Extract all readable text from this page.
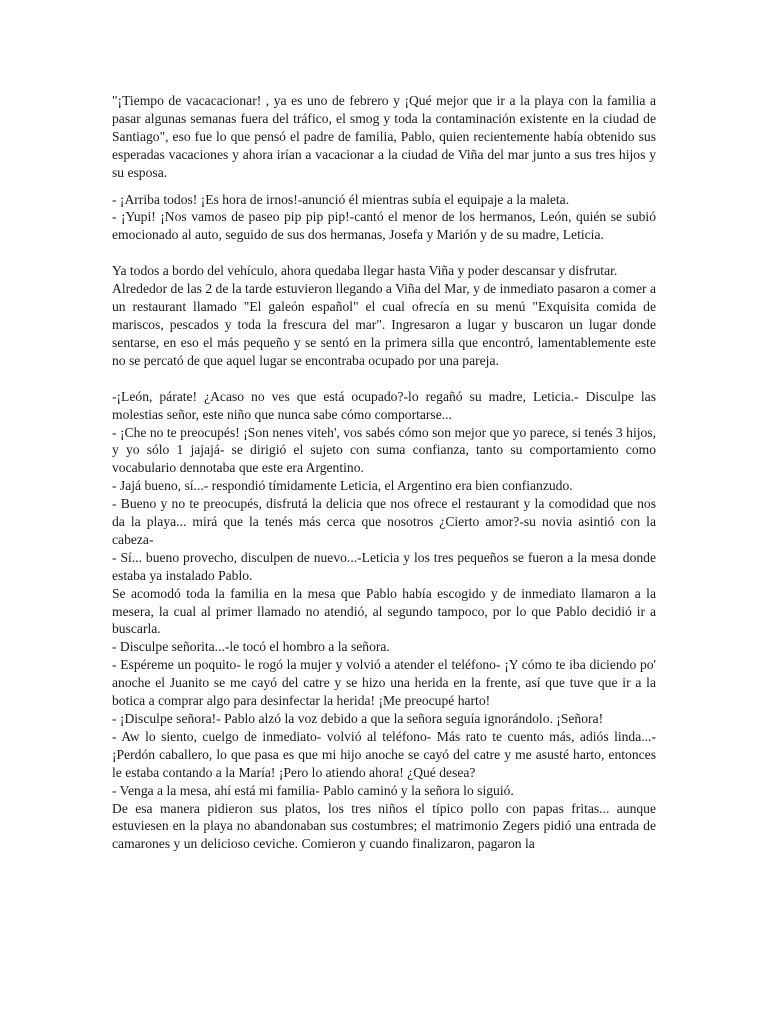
"¡Tiempo de vacacacionar! , ya es uno de febrero y ¡Qué mejor que ir a la playa con la familia a pasar algunas semanas fuera del tráfico, el smog y toda la contaminación existente en la ciudad de Santiago", eso fue lo que pensó el padre de familia, Pablo, quien recientemente había obtenido sus esperadas vacaciones y ahora irían a vacacionar a la ciudad de Viña del mar junto a sus tres hijos y su esposa.

- ¡Arriba todos! ¡Es hora de irnos!-anunció él mientras subía el equipaje a la maleta.

- ¡Yupi! ¡Nos vamos de paseo pip pip pip!-cantó el menor de los hermanos, León, quién se subió emocionado al auto, seguido de sus dos hermanas, Josefa y Marión y de su madre, Leticia.

Ya todos a bordo del vehículo, ahora quedaba llegar hasta Viña y poder descansar y disfrutar.

Alrededor de las 2 de la tarde estuvieron llegando a Viña del Mar, y de inmediato pasaron a comer a un restaurant llamado "El galeón español" el cual ofrecía en su menú "Exquisita comida de mariscos, pescados y toda la frescura del mar". Ingresaron a lugar y buscaron un lugar donde sentarse, en eso el más pequeño y se sentó en la primera silla que encontró, lamentablemente este no se percató de que aquel lugar se encontraba ocupado por una pareja.

-¡León, párate! ¿Acaso no ves que está ocupado?-lo regañó su madre, Leticia.- Disculpe las molestias señor, este niño que nunca sabe cómo comportarse...

- ¡Che no te preocupés! ¡Son nenes viteh', vos sabés cómo son mejor que yo parece, si tenés 3 hijos, y yo sólo 1 jajajá- se dirigió el sujeto con suma confianza, tanto su comportamiento como vocabulario dennotaba que este era Argentino.

- Jajá bueno, sí...- respondió tímidamente Leticia, el Argentino era bien confianzudo.

- Bueno y no te preocupés, disfrutá la delicia que nos ofrece el restaurant y la comodidad que nos da la playa... mirá que la tenés más cerca que nosotros ¿Cierto amor?-su novia asintió con la cabeza-

- Sí... bueno provecho, disculpen de nuevo...-Leticia y los tres pequeños se fueron a la mesa donde estaba ya instalado Pablo.

Se acomodó toda la familia en la mesa que Pablo había escogido y de inmediato llamaron a la mesera, la cual al primer llamado no atendió, al segundo tampoco, por lo que Pablo decidió ir a buscarla.

- Disculpe señorita...-le tocó el hombro a la señora.

- Espéreme un poquito- le rogó la mujer y volvió a atender el teléfono- ¡Y cómo te iba diciendo po' anoche el Juanito se me cayó del catre y se hizo una herida en la frente, así que tuve que ir a la botica a comprar algo para desinfectar la herida! ¡Me preocupé harto!

- ¡Disculpe señora!- Pablo alzó la voz debido a que la señora seguía ignorándolo. ¡Señora!

- Aw lo siento, cuelgo de inmediato- volvió al teléfono- Más rato te cuento más, adiós linda...- ¡Perdón caballero, lo que pasa es que mi hijo anoche se cayó del catre y me asusté harto, entonces le estaba contando a la María! ¡Pero lo atiendo ahora! ¿Qué desea?

- Venga a la mesa, ahí está mi familia- Pablo caminó y la señora lo siguió.

De esa manera pidieron sus platos, los tres niños el típico pollo con papas fritas... aunque estuviesen en la playa no abandonaban sus costumbres; el matrimonio Zegers pidió una entrada de camarones y un delicioso ceviche. Comieron y cuando finalizaron, pagaron la
